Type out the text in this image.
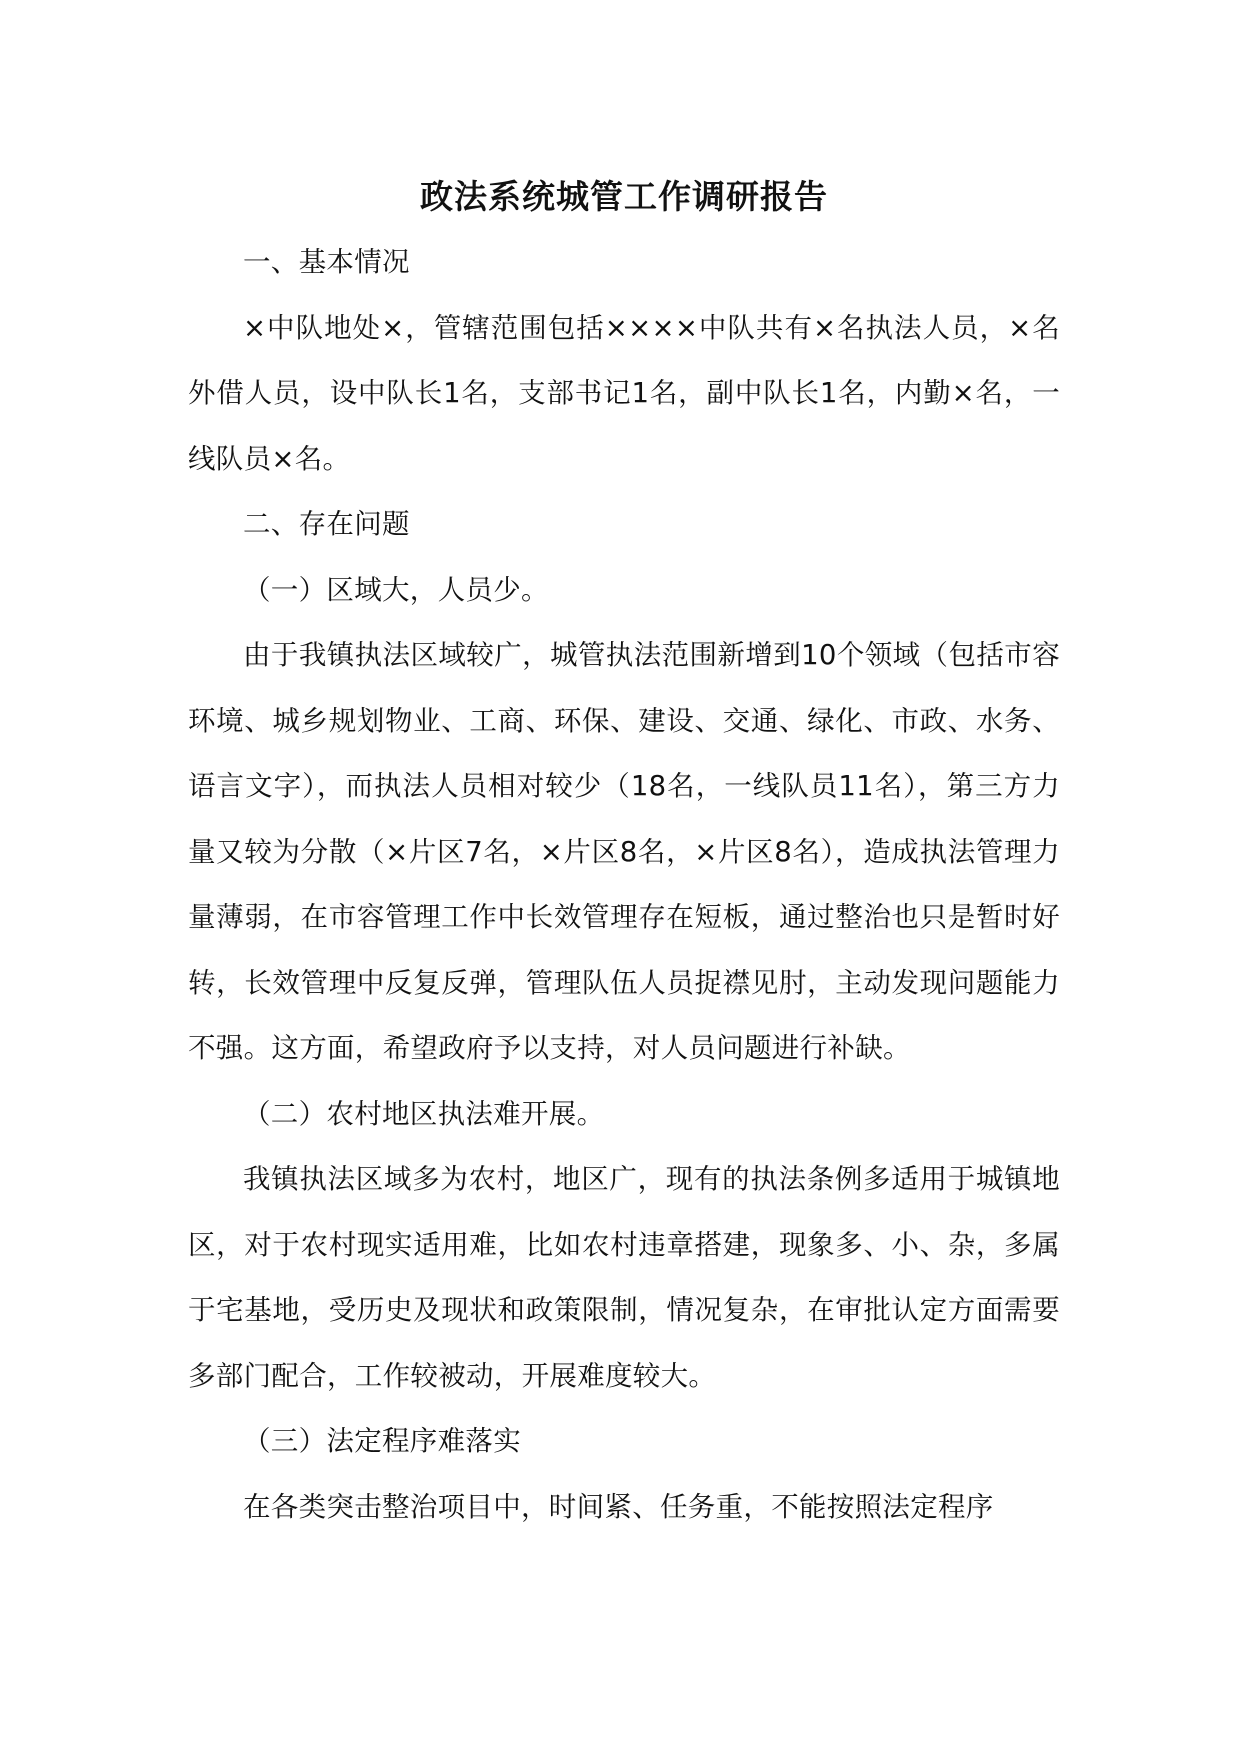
政法系统城管工作调研报告

一、基本情况

×中队地处×，管辖范围包括××××中队共有×名执法人员，×名外借人员，设中队长1名，支部书记1名，副中队长1名，内勤×名，一线队员×名。

二、存在问题

（一）区域大，人员少。

由于我镇执法区域较广，城管执法范围新增到10个领域（包括市容环境、城乡规划物业、工商、环保、建设、交通、绿化、市政、水务、语言文字），而执法人员相对较少（18名，一线队员11名），第三方力量又较为分散（×片区7名，×片区8名，×片区8名），造成执法管理力量薄弱，在市容管理工作中长效管理存在短板，通过整治也只是暂时好转，长效管理中反复反弹，管理队伍人员捉襟见肘，主动发现问题能力不强。这方面，希望政府予以支持，对人员问题进行补缺。

（二）农村地区执法难开展。

我镇执法区域多为农村，地区广，现有的执法条例多适用于城镇地区，对于农村现实适用难，比如农村违章搭建，现象多、小、杂，多属于宅基地，受历史及现状和政策限制，情况复杂，在审批认定方面需要多部门配合，工作较被动，开展难度较大。

（三）法定程序难落实

在各类突击整治项目中，时间紧、任务重，不能按照法定程序
